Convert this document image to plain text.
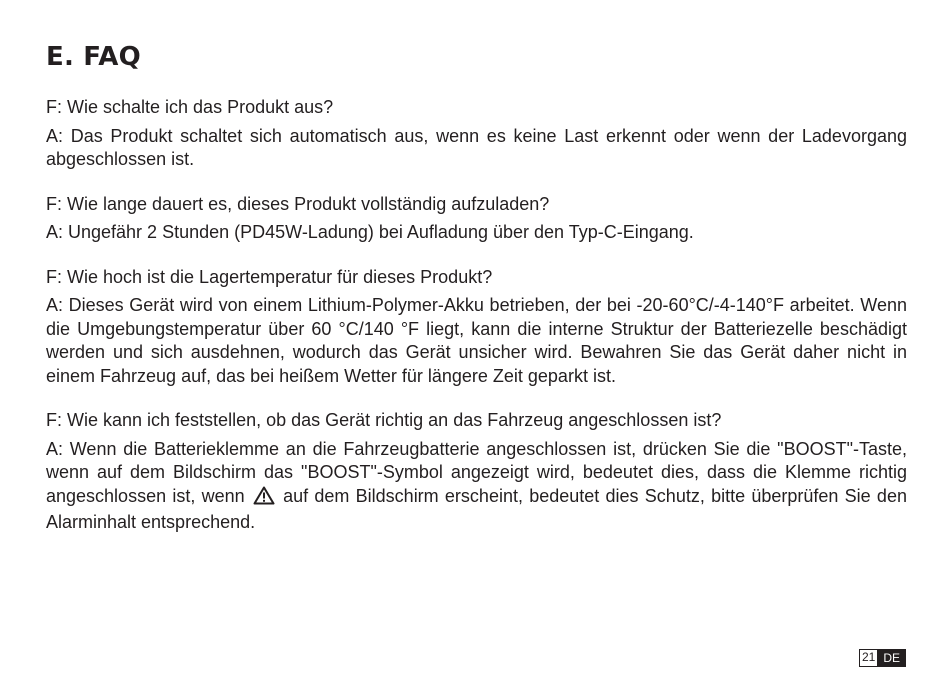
E. FAQ

F: Wie schalte ich das Produkt aus?

A: Das Produkt schaltet sich automatisch aus, wenn es keine Last erkennt oder wenn der Ladevorgang abgeschlossen ist.

F: Wie lange dauert es, dieses Produkt vollständig aufzuladen?

A: Ungefähr 2 Stunden (PD45W-Ladung) bei Aufladung über den Typ-C-Eingang.

F: Wie hoch ist die Lagertemperatur für dieses Produkt?

A: Dieses Gerät wird von einem Lithium-Polymer-Akku betrieben, der bei -20-60°C/-4-140°F arbeitet. Wenn die Umgebungstemperatur über 60 °C/140 °F liegt, kann die interne Struktur der Batteriezelle beschädigt werden und sich ausdehnen, wodurch das Gerät unsicher wird. Bewahren Sie das Gerät daher nicht in einem Fahrzeug auf, das bei heißem Wetter für längere Zeit geparkt ist.

F: Wie kann ich feststellen, ob das Gerät richtig an das Fahrzeug angeschlossen ist?

A: Wenn die Batterieklemme an die Fahrzeugbatterie angeschlossen ist, drücken Sie die "BOOST"-Taste, wenn auf dem Bildschirm das "BOOST"-Symbol angezeigt wird, bedeutet dies, dass die Klemme richtig angeschlossen ist, wenn auf dem Bildschirm erscheint, bedeutet dies Schutz, bitte überprüfen Sie den Alarminhalt entsprechend.

21 DE
